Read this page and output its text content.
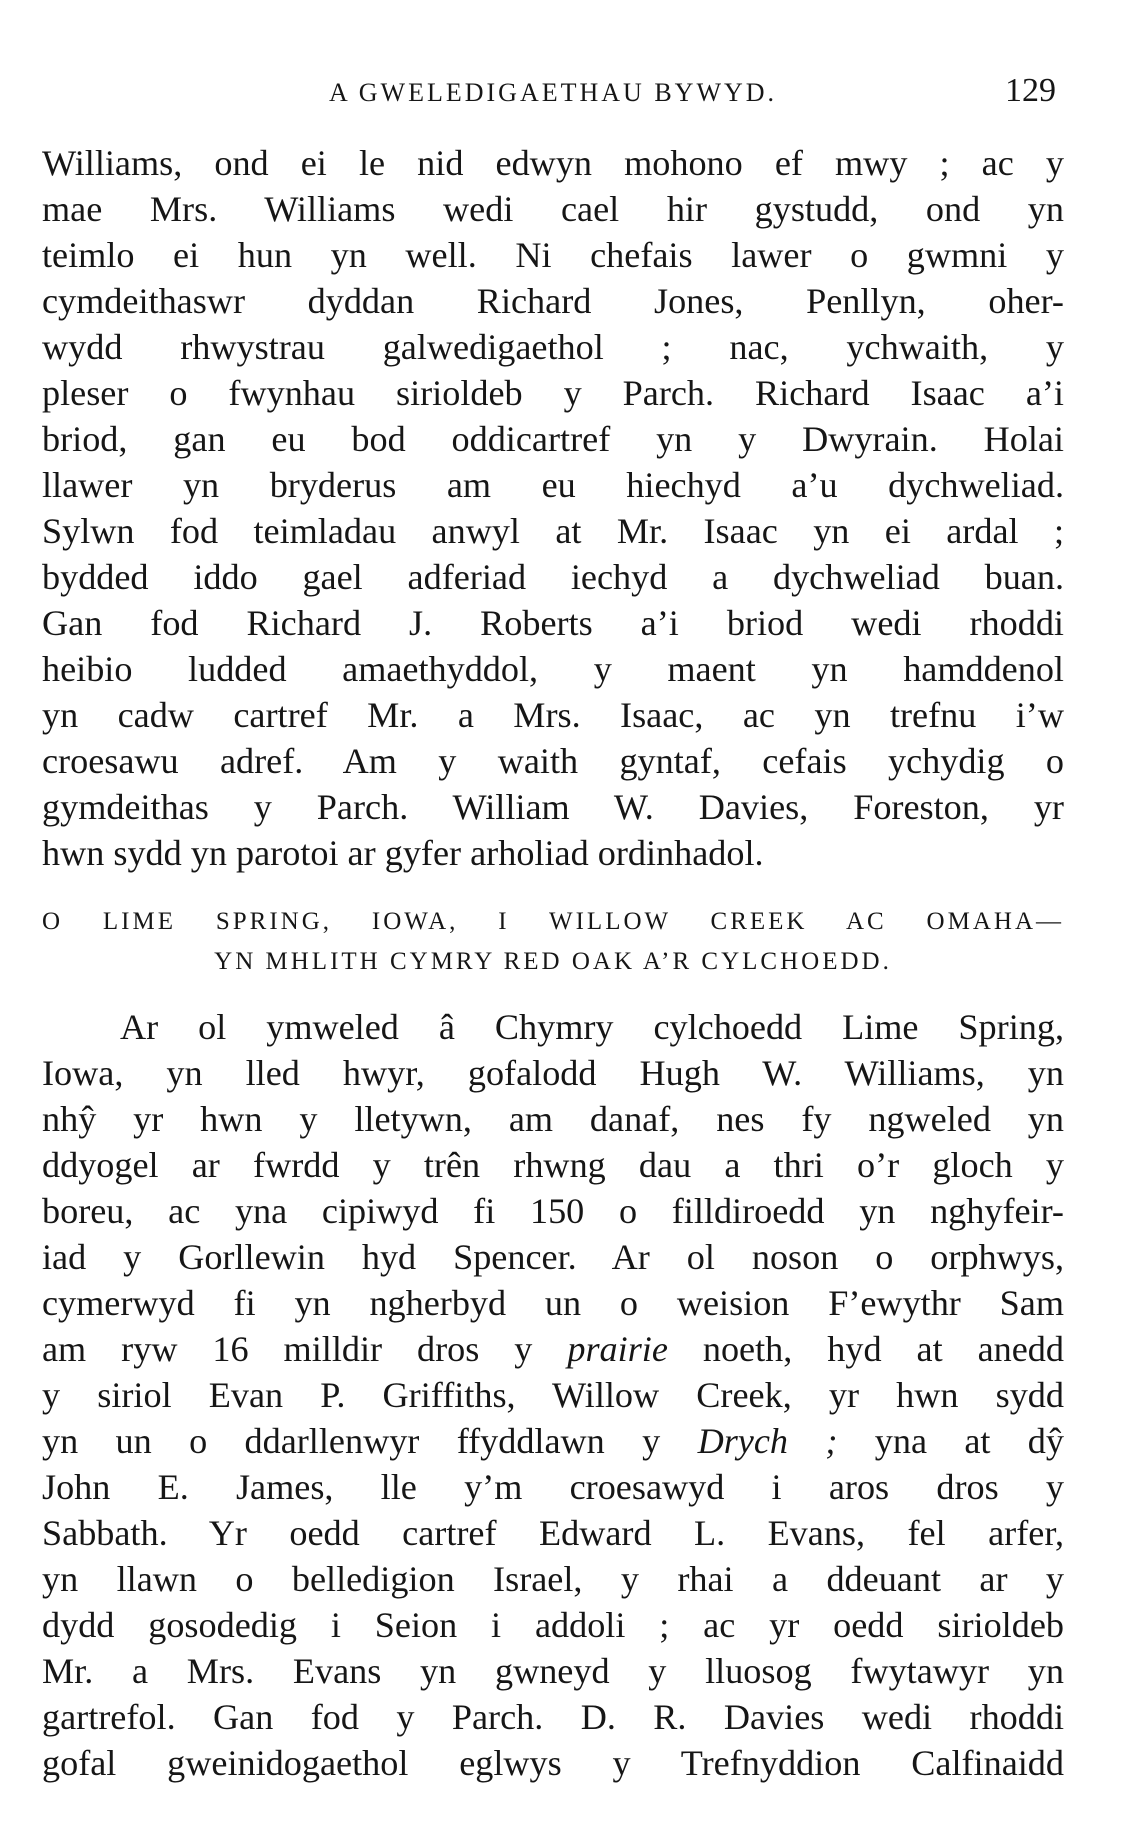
A GWELEDIGAETHAU BYWYD.	129
Williams, ond ei le nid edwyn mohono ef mwy ; ac y
mae Mrs. Williams wedi cael hir gystudd, ond yn
teimlo ei hun yn well. Ni chefais lawer o gwmni y
cymdeithaswr dyddan Richard Jones, Penllyn, oher-
wydd rhwystrau galwedigaethol ; nac, ychwaith, y
pleser o fwynhau sirioldeb y Parch. Richard Isaac a’i
briod, gan eu bod oddicartref yn y Dwyrain. Holai
llawer yn bryderus am eu hiechyd a’u dychweliad.
Sylwn fod teimladau anwyl at Mr. Isaac yn ei ardal ;
bydded iddo gael adferiad iechyd a dychweliad buan.
Gan fod Richard J. Roberts a’i briod wedi rhoddi
heibio ludded amaethyddol, y maent yn hamddenol
yn cadw cartref Mr. a Mrs. Isaac, ac yn trefnu i’w
croesawu adref. Am y waith gyntaf, cefais ychydig o
gymdeithas y Parch. William W. Davies, Foreston, yr
hwn sydd yn parotoi ar gyfer arholiad ordinhadol.
O LIME SPRING, IOWA, I WILLOW CREEK AC OMAHA—
YN MHLITH CYMRY RED OAK A’R CYLCHOEDD.
Ar ol ymweled â Chymry cylchoedd Lime Spring,
Iowa, yn lled hwyr, gofalodd Hugh W. Williams, yn
nhŷ yr hwn y lletywn, am danaf, nes fy ngweled yn
ddyogel ar fwrdd y trên rhwng dau a thri o’r gloch y
boreu, ac yna cipiwyd fi 150 o filldiroedd yn nghyfeir-
iad y Gorllewin hyd Spencer. Ar ol noson o orphwys,
cymerwyd fi yn ngherbyd un o weision F’ewythr Sam
am ryw 16 milldir dros y prairie noeth, hyd at anedd
y siriol Evan P. Griffiths, Willow Creek, yr hwn sydd
yn un o ddarllenwyr ffyddlawn y Drych ; yna at dŷ
John E. James, lle y’m croesawyd i aros dros y
Sabbath. Yr oedd cartref Edward L. Evans, fel arfer,
yn llawn o belledigion Israel, y rhai a ddeuant ar y
dydd gosodedig i Seion i addoli ; ac yr oedd sirioldeb
Mr. a Mrs. Evans yn gwneyd y lluosog fwytawyr yn
gartrefol. Gan fod y Parch. D. R. Davies wedi rhoddi
gofal gweinidogaethol eglwys y Trefnyddion Calfinaidd
